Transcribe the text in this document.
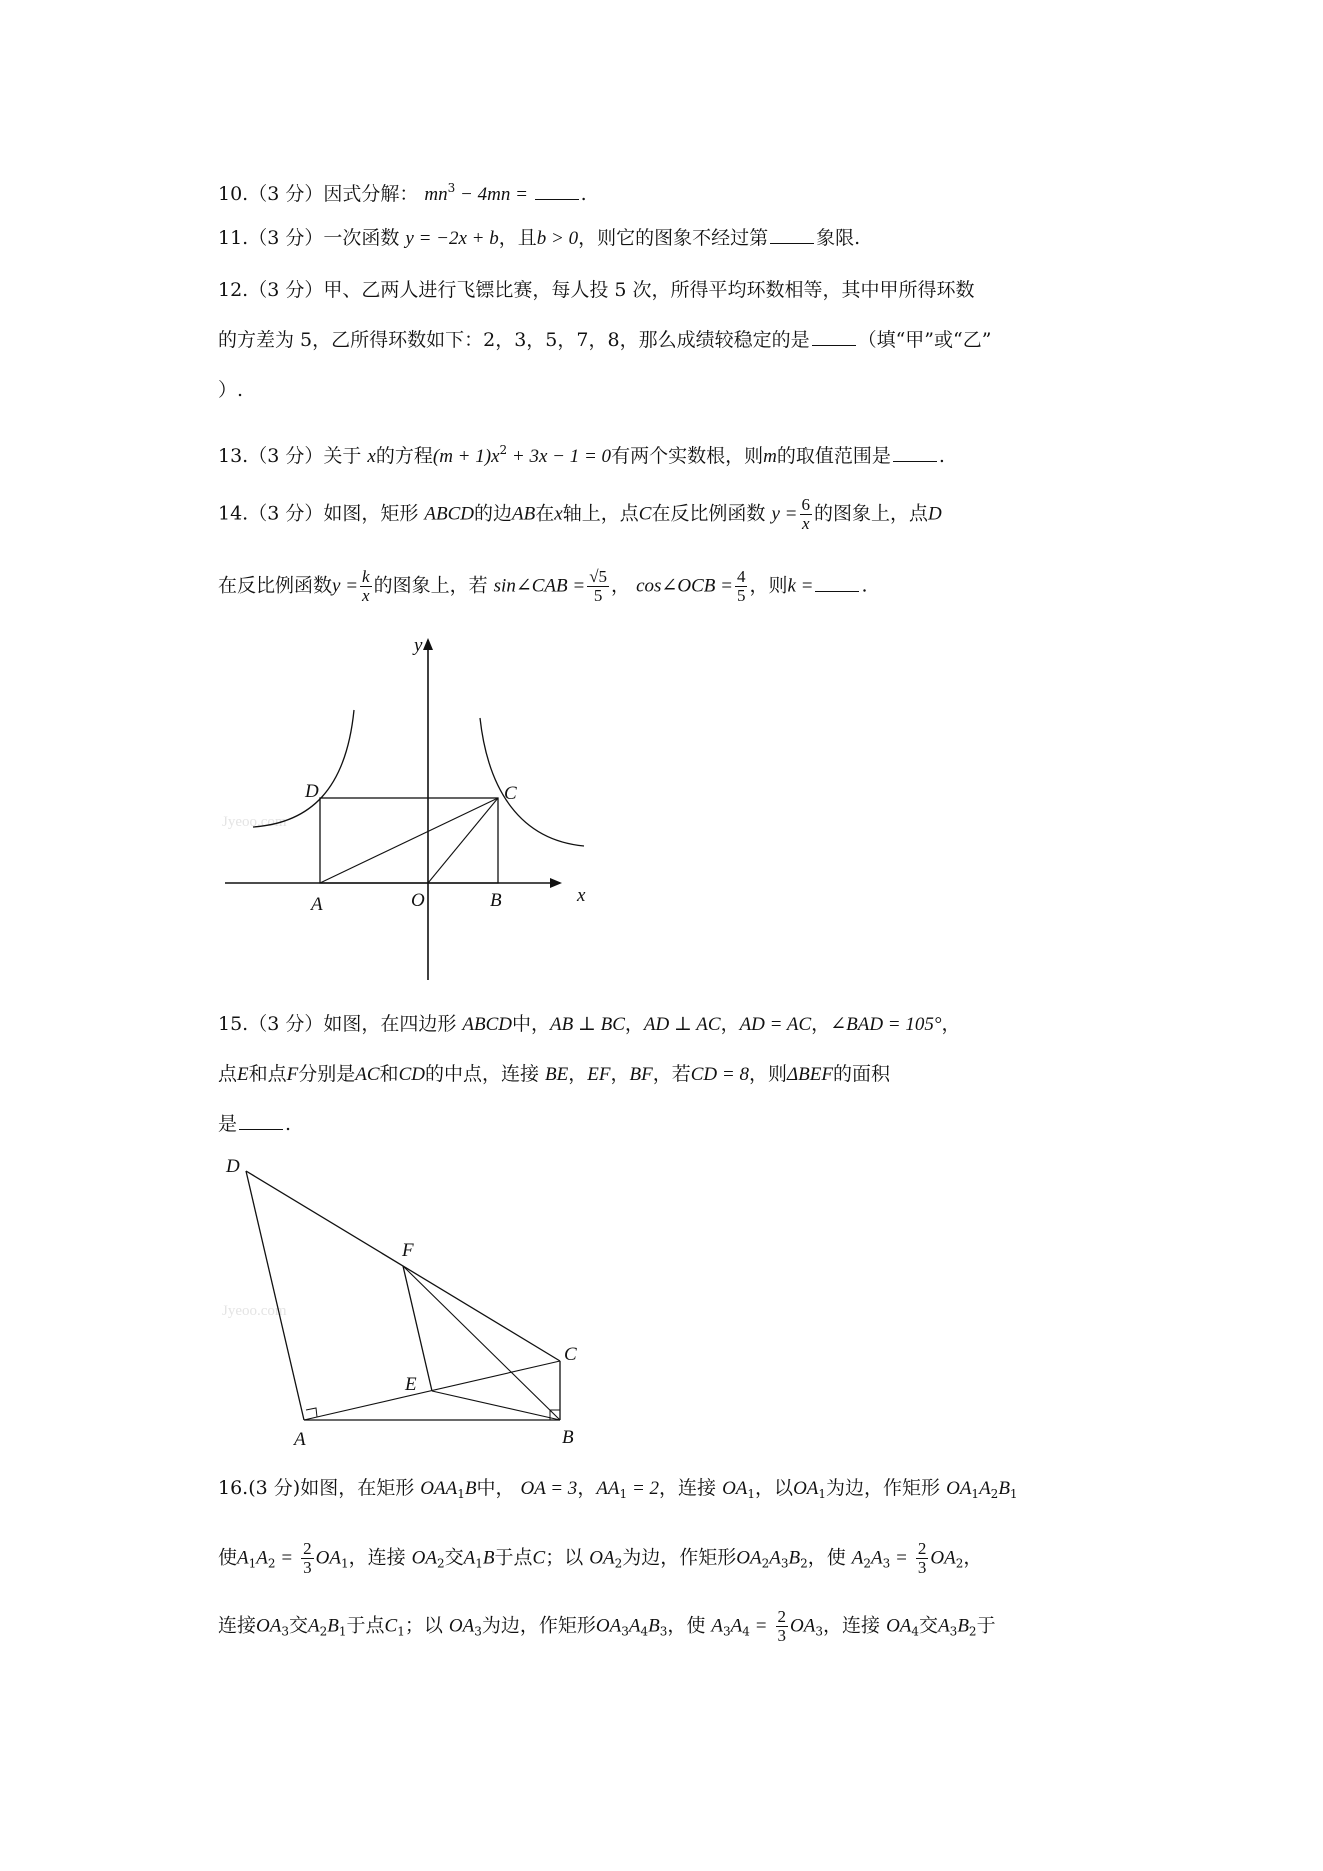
10.（3 分）因式分解： $mn^3 - 4mn$ =	.
11.（3 分）一次函数 y = −2x + b，且b > 0，则它的图象不经过第	象限.
12.（3 分）甲、乙两人进行飞镖比赛，每人投 5 次，所得平均环数相等，其中甲所得环数
的方差为 5，乙所得环数如下：2，3，5，7，8，那么成绩较稳定的是	（填“甲”或“乙”
）.
13.（3 分）关于 x的方程$(m + 1)x^2 + 3x - 1 = 0$有两个实数根，则m的取值范围是	.
14.（3 分）如图，矩形 ABCD的边AB在x轴上，点C在反比例函数 $y = \frac{6}{x}$ 的图象上，点D
在反比例函数$y = \frac{k}{x}$ 的图象上，若 sin∠CAB = $\frac{√5}{5}$ ， cos∠OCB = $\frac{4}{5}$ ，则k =	.
Jyeoo.com
y
x
A	O	B
C
D
15.（3 分）如图，在四边形 ABCD中，AB ⊥ BC，AD ⊥ AC，AD = AC，∠BAD = 105°，
点E和点F分别是AC和CD的中点，连接 BE，EF，BF，若CD = 8，则ΔBEF的面积
是	.
Jyeoo.com
D
F
C
E
A	B
16.(3 分)如图，在矩形 $OAA_1B$中， OA = 3，$AA_1 = 2$，连接 $OA_1$，以$OA_1$为边，作矩形 $OA_1A_2B_1$
使$A_1A_2 = \frac{2}{3} OA_1$，连接 $OA_2$交$A_1B$于点C；以 $OA_2$为边，作矩形$OA_2A_3B_2$，使 $A_2A_3 = \frac{2}{3} OA_2$，
连接$OA_3$交$A_2B_1$于点$C_1$；以 $OA_3$为边，作矩形$OA_3A_4B_3$，使 $A_3A_4 = \frac{2}{3} OA_3$，连接 $OA_4$交$A_3B_2$于
